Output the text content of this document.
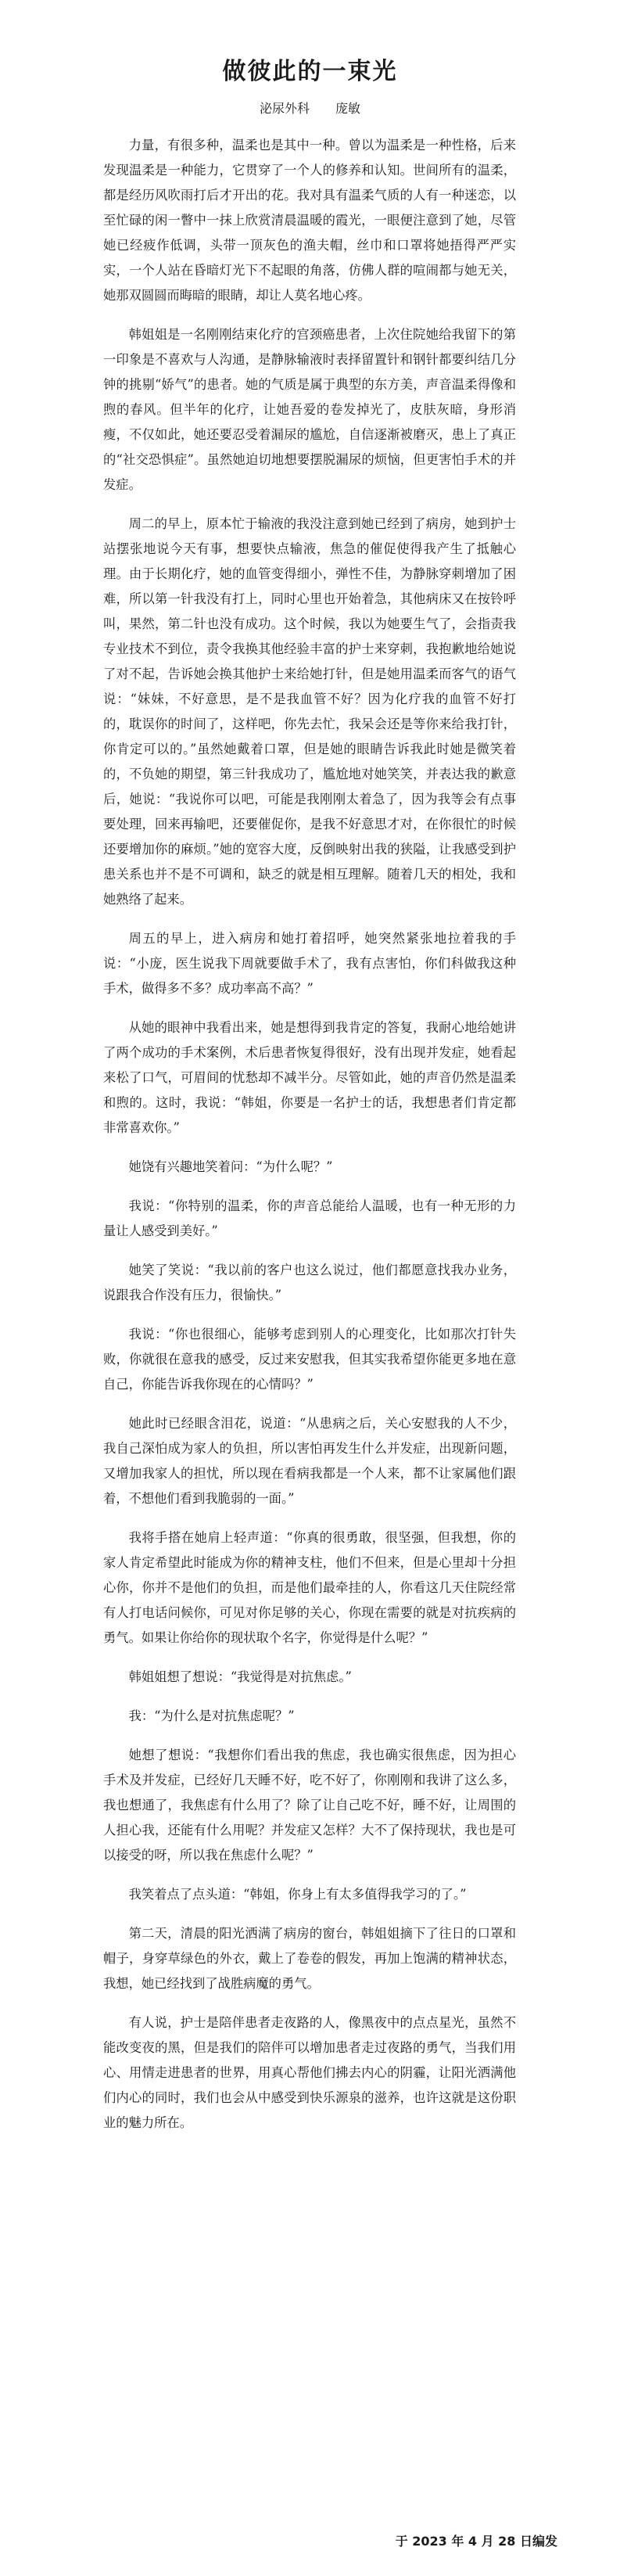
做彼此的一束光
泌尿外科 庞敏

力量，有很多种，温柔也是其中一种。曾以为温柔是一种性格，后来发现温柔是一种能力，它贯穿了一个人的修养和认知。世间所有的温柔，都是经历风吹雨打后才开出的花。我对具有温柔气质的人有一种迷恋，以至忙碌的闲一瞥中一抹上欣赏清晨温暖的霞光，一眼便注意到了她，尽管她已经疲作低调，头带一顶灰色的渔夫帽，丝巾和口罩将她捂得严严实实，一个人站在昏暗灯光下不起眼的角落，仿佛人群的喧闹都与她无关，她那双圆圆而晦暗的眼睛，却让人莫名地心疼。

韩姐姐是一名刚刚结束化疗的宫颈癌患者，上次住院她给我留下的第一印象是不喜欢与人沟通，是静脉输液时表择留置针和钢针都要纠结几分钟的挑剔“娇气”的患者。她的气质是属于典型的东方美，声音温柔得像和煦的春风。但半年的化疗，让她吾爱的卷发掉光了，皮肤灰暗，身形消瘦，不仅如此，她还要忍受着漏尿的尴尬，自信逐渐被磨灭，患上了真正的“社交恐惧症”。虽然她迫切地想要摆脱漏尿的烦恼，但更害怕手术的并发症。

周二的早上，原本忙于输液的我没注意到她已经到了病房，她到护士站摆张地说今天有事，想要快点输液，焦急的催促使得我产生了抵触心理。由于长期化疗，她的血管变得细小，弹性不佳，为静脉穿刺增加了困难，所以第一针我没有打上，同时心里也开始着急，其他病床又在按铃呼叫，果然，第二针也没有成功。这个时候，我以为她要生气了，会指责我专业技术不到位，责令我换其他经验丰富的护士来穿刺，我抱歉地给她说了对不起，告诉她会换其他护士来给她打针，但是她用温柔而客气的语气说：“妹妹，不好意思，是不是我血管不好？因为化疗我的血管不好打的，耽误你的时间了，这样吧，你先去忙，我呆会还是等你来给我打针，你肯定可以的。”虽然她戴着口罩，但是她的眼睛告诉我此时她是微笑着的，不负她的期望，第三针我成功了，尴尬地对她笑笑，并表达我的歉意后，她说：“我说你可以吧，可能是我刚刚太着急了，因为我等会有点事要处理，回来再输吧，还要催促你，是我不好意思才对，在你很忙的时候还要增加你的麻烦。”她的宽容大度，反倒映射出我的狭隘，让我感受到护患关系也并不是不可调和，缺乏的就是相互理解。随着几天的相处，我和她熟络了起来。

周五的早上，进入病房和她打着招呼，她突然紧张地拉着我的手说：“小庞，医生说我下周就要做手术了，我有点害怕，你们科做我这种手术，做得多不多？成功率高不高？”

从她的眼神中我看出来，她是想得到我肯定的答复，我耐心地给她讲了两个成功的手术案例，术后患者恢复得很好，没有出现并发症，她看起来松了口气，可眉间的忧愁却不减半分。尽管如此，她的声音仍然是温柔和煦的。这时，我说：“韩姐，你要是一名护士的话，我想患者们肯定都非常喜欢你。”

她饶有兴趣地笑着问：“为什么呢？”

我说：“你特别的温柔，你的声音总能给人温暖，也有一种无形的力量让人感受到美好。”

她笑了笑说：“我以前的客户也这么说过，他们都愿意找我办业务，说跟我合作没有压力，很愉快。”

我说：“你也很细心，能够考虑到别人的心理变化，比如那次打针失败，你就很在意我的感受，反过来安慰我，但其实我希望你能更多地在意自己，你能告诉我你现在的心情吗？”

她此时已经眼含泪花，说道：“从患病之后，关心安慰我的人不少，我自己深怕成为家人的负担，所以害怕再发生什么并发症，出现新问题，又增加我家人的担忧，所以现在看病我都是一个人来，都不让家属他们跟着，不想他们看到我脆弱的一面。”

我将手搭在她肩上轻声道：“你真的很勇敢，很坚强，但我想，你的家人肯定希望此时能成为你的精神支柱，他们不但来，但是心里却十分担心你，你并不是他们的负担，而是他们最牵挂的人，你看这几天住院经常有人打电话问候你，可见对你足够的关心，你现在需要的就是对抗疾病的勇气。如果让你给你的现状取个名字，你觉得是什么呢？”

韩姐姐想了想说：“我觉得是对抗焦虑。”

我：“为什么是对抗焦虑呢？”

她想了想说：“我想你们看出我的焦虑，我也确实很焦虑，因为担心手术及并发症，已经好几天睡不好，吃不好了，你刚刚和我讲了这么多，我也想通了，我焦虑有什么用了？除了让自己吃不好，睡不好，让周围的人担心我，还能有什么用呢？并发症又怎样？大不了保持现状，我也是可以接受的呀，所以我在焦虑什么呢？”

我笑着点了点头道：“韩姐，你身上有太多值得我学习的了。”

第二天，清晨的阳光洒满了病房的窗台，韩姐姐摘下了往日的口罩和帽子，身穿草绿色的外衣，戴上了卷卷的假发，再加上饱满的精神状态，我想，她已经找到了战胜病魔的勇气。

有人说，护士是陪伴患者走夜路的人，像黑夜中的点点星光，虽然不能改变夜的黑，但是我们的陪伴可以增加患者走过夜路的勇气，当我们用心、用情走进患者的世界，用真心帮他们拂去内心的阴霾，让阳光洒满他们内心的同时，我们也会从中感受到快乐源泉的滋养，也许这就是这份职业的魅力所在。

于 2023 年 4 月 28 日编发
